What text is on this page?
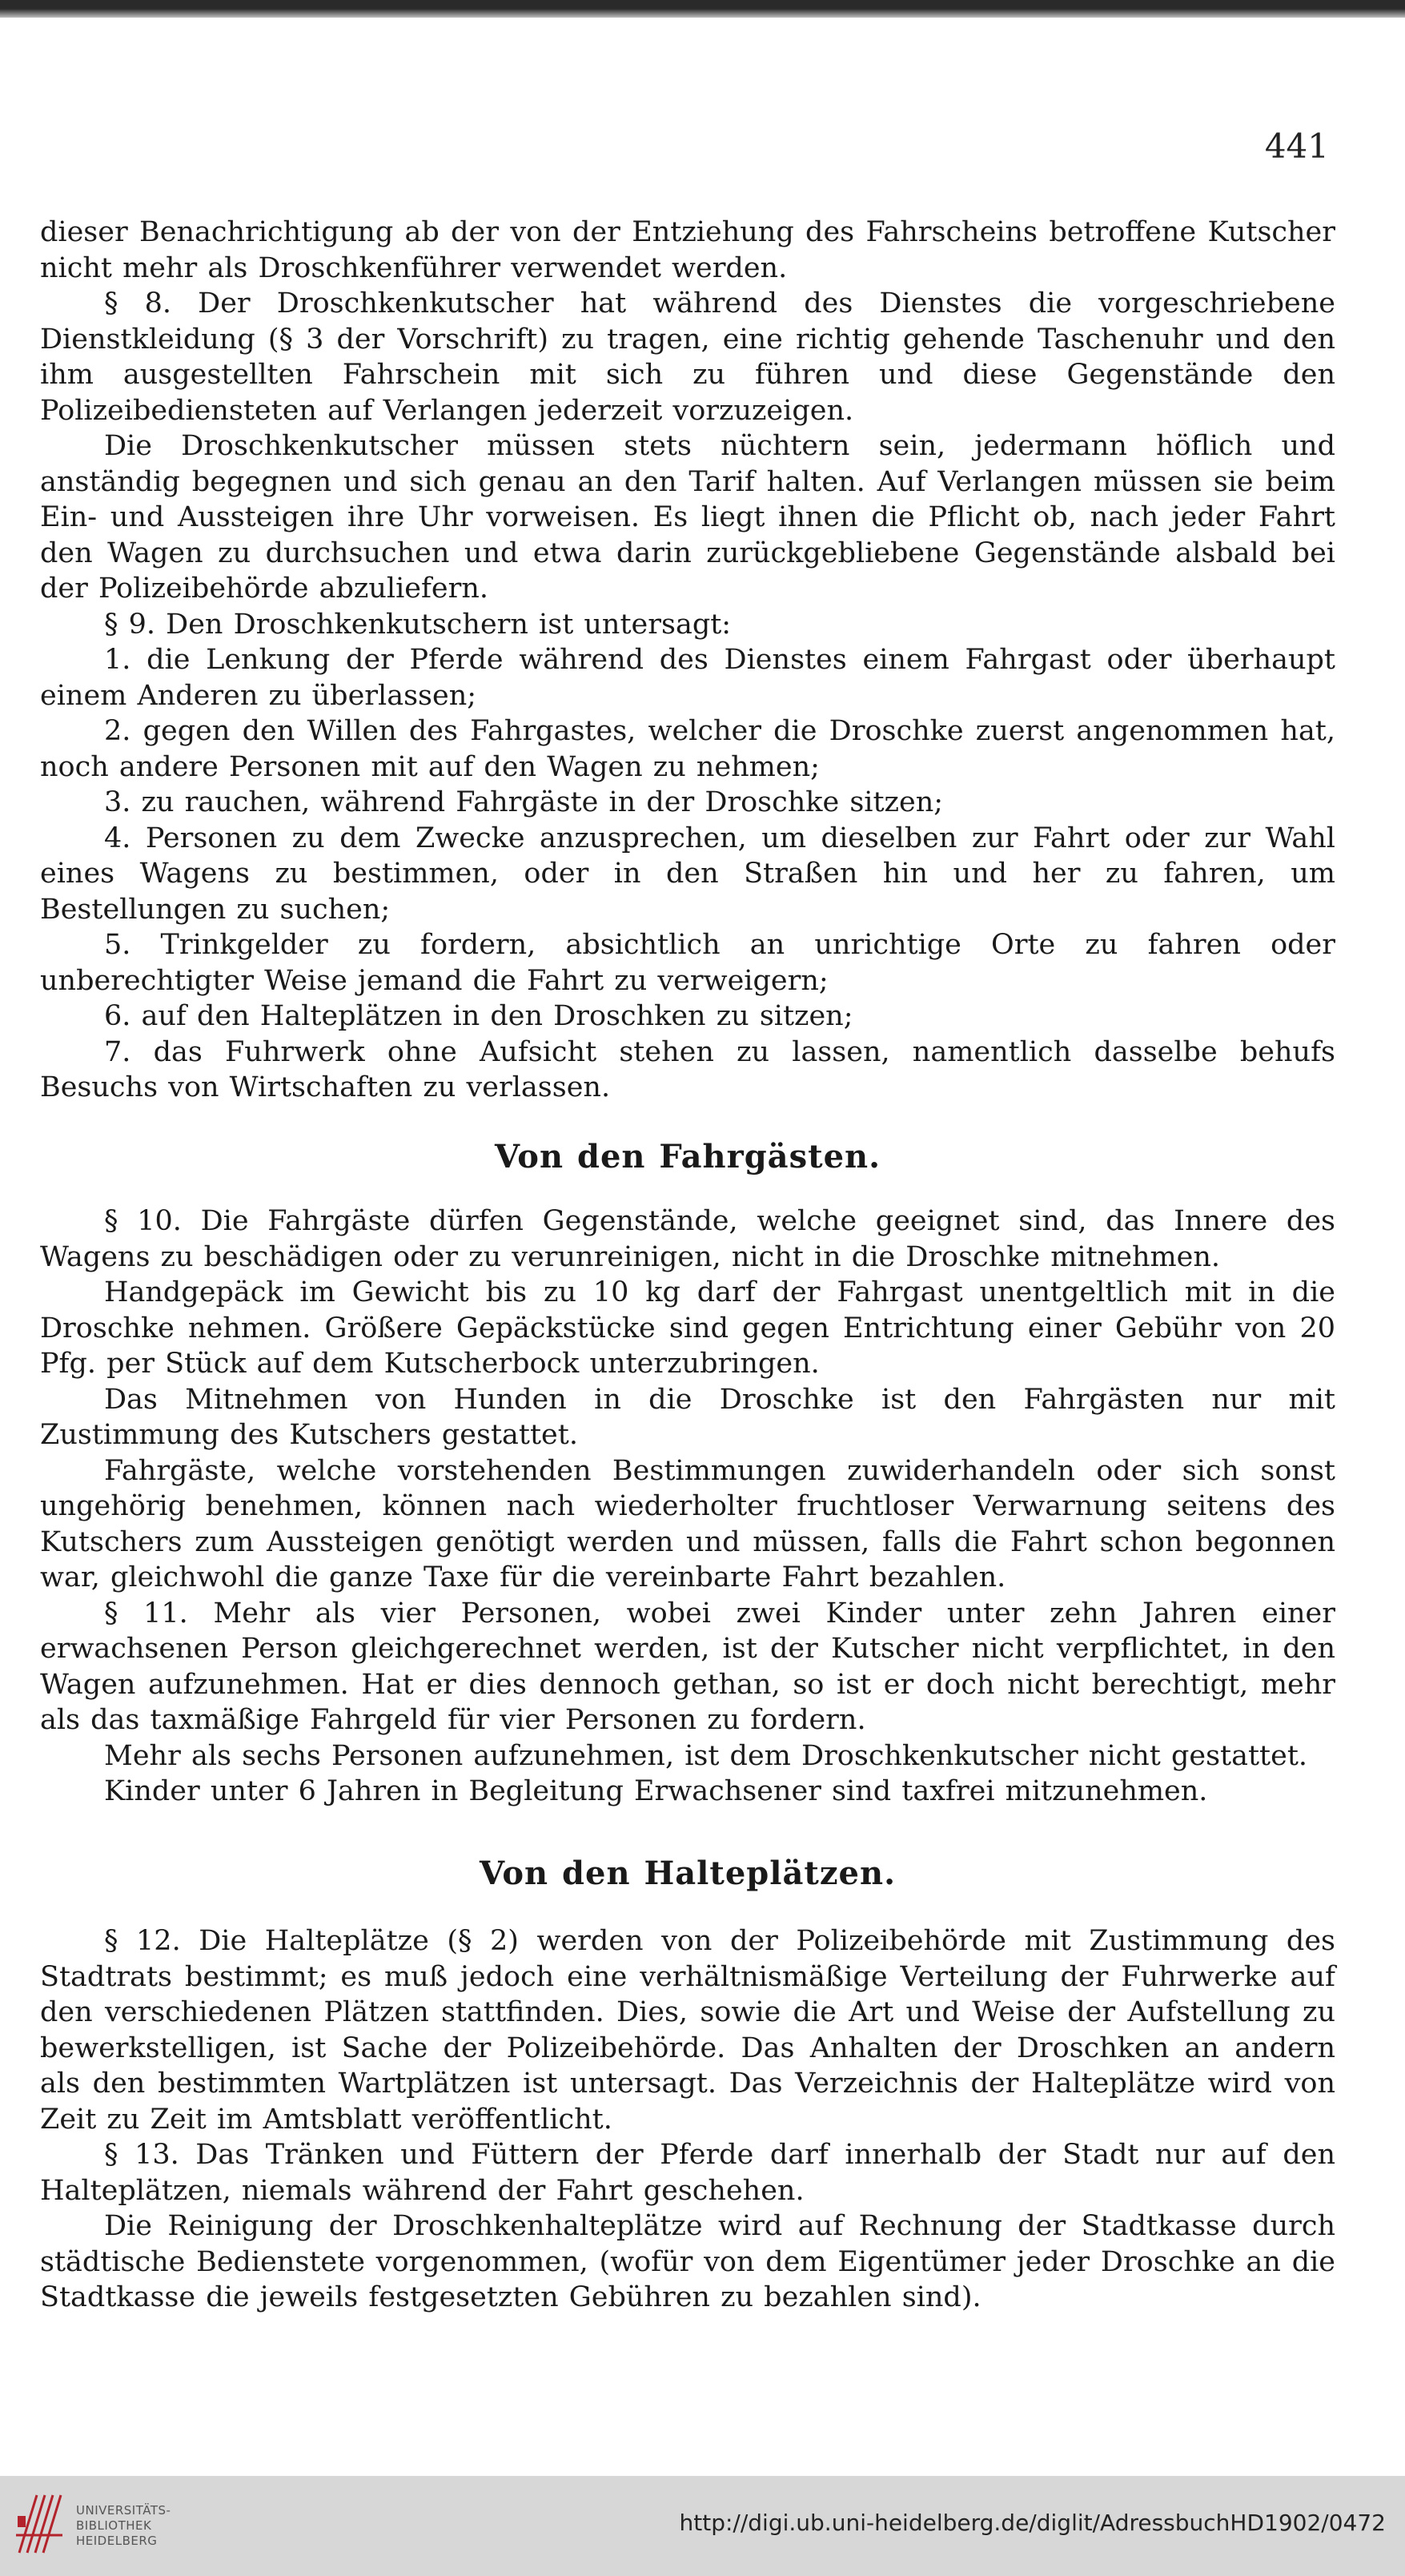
441

dieser Benachrichtigung ab der von der Entziehung des Fahrscheins betroffene Kutscher nicht mehr als Droschkenführer verwendet werden.

§ 8. Der Droschkenkutscher hat während des Dienstes die vorgeschriebene Dienstkleidung (§ 3 der Vorschrift) zu tragen, eine richtig gehende Taschenuhr und den ihm ausgestellten Fahrschein mit sich zu führen und diese Gegenstände den Polizeibediensteten auf Verlangen jederzeit vorzuzeigen.

Die Droschkenkutscher müssen stets nüchtern sein, jedermann höflich und anständig begegnen und sich genau an den Tarif halten. Auf Verlangen müssen sie beim Ein- und Aussteigen ihre Uhr vorweisen. Es liegt ihnen die Pflicht ob, nach jeder Fahrt den Wagen zu durchsuchen und etwa darin zurückgebliebene Gegenstände alsbald bei der Polizeibehörde abzuliefern.

§ 9. Den Droschkenkutschern ist untersagt:

1. die Lenkung der Pferde während des Dienstes einem Fahrgast oder überhaupt einem Anderen zu überlassen;

2. gegen den Willen des Fahrgastes, welcher die Droschke zuerst angenommen hat, noch andere Personen mit auf den Wagen zu nehmen;

3. zu rauchen, während Fahrgäste in der Droschke sitzen;

4. Personen zu dem Zwecke anzusprechen, um dieselben zur Fahrt oder zur Wahl eines Wagens zu bestimmen, oder in den Straßen hin und her zu fahren, um Bestellungen zu suchen;

5. Trinkgelder zu fordern, absichtlich an unrichtige Orte zu fahren oder unberechtigter Weise jemand die Fahrt zu verweigern;

6. auf den Halteplätzen in den Droschken zu sitzen;

7. das Fuhrwerk ohne Aufsicht stehen zu lassen, namentlich dasselbe behufs Besuchs von Wirtschaften zu verlassen.

Von den Fahrgästen.

§ 10. Die Fahrgäste dürfen Gegenstände, welche geeignet sind, das Innere des Wagens zu beschädigen oder zu verunreinigen, nicht in die Droschke mitnehmen.

Handgepäck im Gewicht bis zu 10 kg darf der Fahrgast unentgeltlich mit in die Droschke nehmen. Größere Gepäckstücke sind gegen Entrichtung einer Gebühr von 20 Pfg. per Stück auf dem Kutscherbock unterzubringen.

Das Mitnehmen von Hunden in die Droschke ist den Fahrgästen nur mit Zustimmung des Kutschers gestattet.

Fahrgäste, welche vorstehenden Bestimmungen zuwiderhandeln oder sich sonst ungehörig benehmen, können nach wiederholter fruchtloser Verwarnung seitens des Kutschers zum Aussteigen genötigt werden und müssen, falls die Fahrt schon begonnen war, gleichwohl die ganze Taxe für die vereinbarte Fahrt bezahlen.

§ 11. Mehr als vier Personen, wobei zwei Kinder unter zehn Jahren einer erwachsenen Person gleichgerechnet werden, ist der Kutscher nicht verpflichtet, in den Wagen aufzunehmen. Hat er dies dennoch gethan, so ist er doch nicht berechtigt, mehr als das taxmäßige Fahrgeld für vier Personen zu fordern.

Mehr als sechs Personen aufzunehmen, ist dem Droschkenkutscher nicht gestattet.

Kinder unter 6 Jahren in Begleitung Erwachsener sind taxfrei mitzunehmen.

Von den Halteplätzen.

§ 12. Die Halteplätze (§ 2) werden von der Polizeibehörde mit Zustimmung des Stadtrats bestimmt; es muß jedoch eine verhältnismäßige Verteilung der Fuhrwerke auf den verschiedenen Plätzen stattfinden. Dies, sowie die Art und Weise der Aufstellung zu bewerkstelligen, ist Sache der Polizeibehörde. Das Anhalten der Droschken an andern als den bestimmten Wartplätzen ist untersagt. Das Verzeichnis der Halteplätze wird von Zeit zu Zeit im Amtsblatt veröffentlicht.

§ 13. Das Tränken und Füttern der Pferde darf innerhalb der Stadt nur auf den Halteplätzen, niemals während der Fahrt geschehen.

Die Reinigung der Droschkenhalteplätze wird auf Rechnung der Stadtkasse durch städtische Bedienstete vorgenommen, (wofür von dem Eigentümer jeder Droschke an die Stadtkasse die jeweils festgesetzten Gebühren zu bezahlen sind).

UNIVERSITÄTS-
BIBLIOTHEK
HEIDELBERG
http://digi.ub.uni-heidelberg.de/diglit/AdressbuchHD1902/0472
